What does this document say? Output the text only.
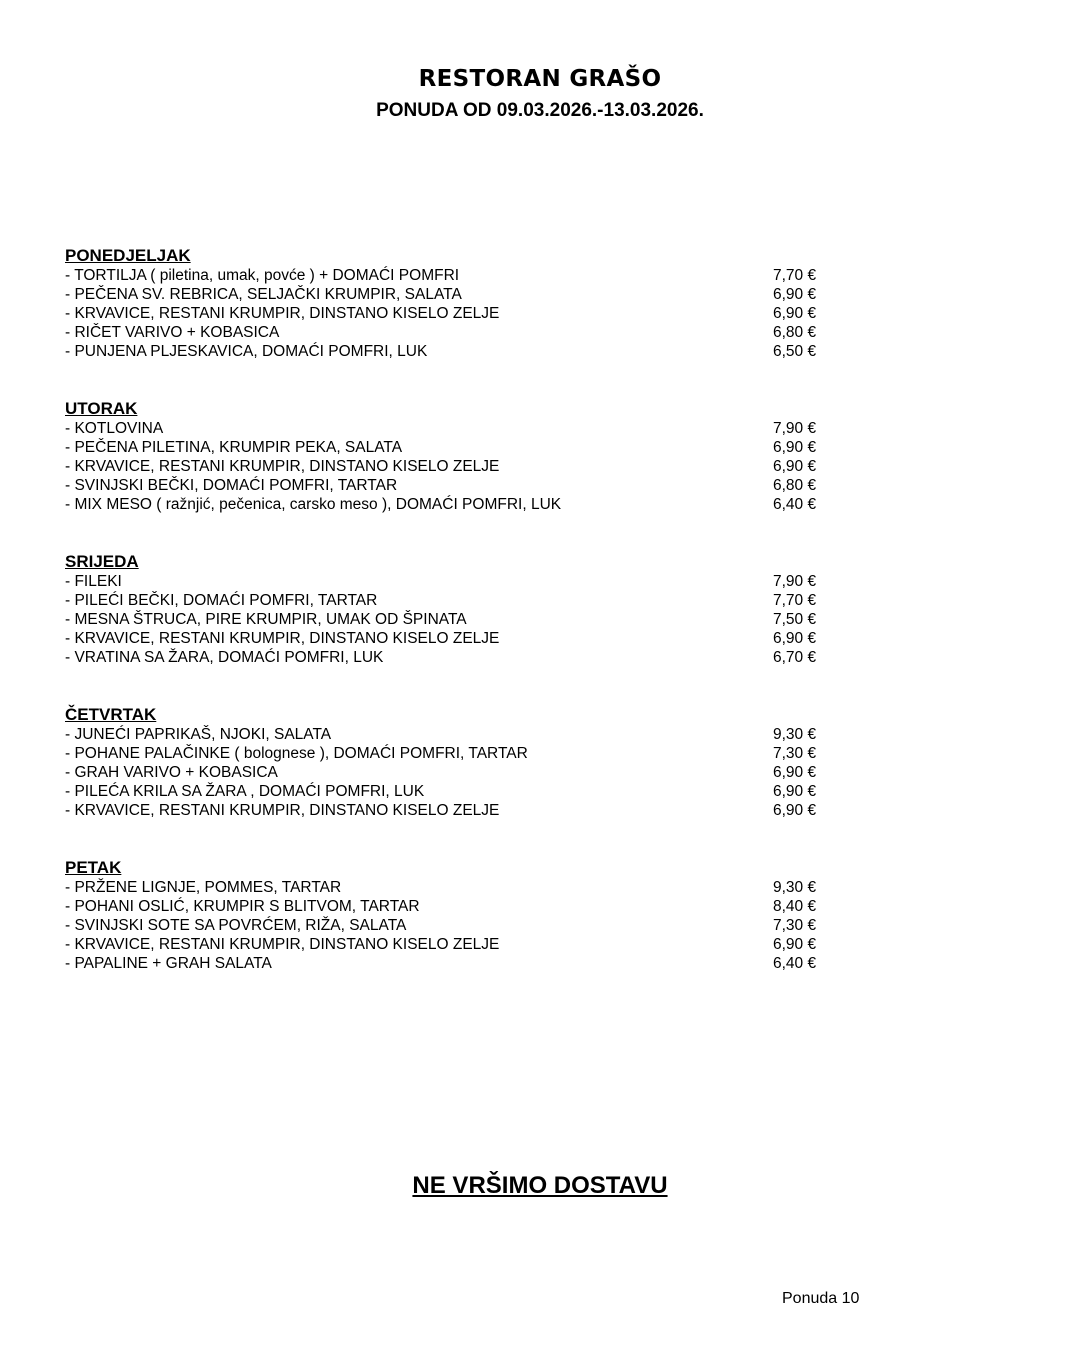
RESTORAN GRAŠO
PONUDA OD 09.03.2026.-13.03.2026.
PONEDJELJAK
- TORTILJA ( piletina, umak, povće ) + DOMAĆI POMFRI	7,70 €
- PEČENA SV. REBRICA, SELJAČKI KRUMPIR, SALATA	6,90 €
- KRVAVICE, RESTANI KRUMPIR, DINSTANO KISELO ZELJE	6,90 €
- RIČET VARIVO + KOBASICA	6,80 €
- PUNJENA PLJESKAVICA, DOMAĆI POMFRI, LUK	6,50 €
UTORAK
- KOTLOVINA	7,90 €
- PEČENA PILETINA, KRUMPIR PEKA, SALATA	6,90 €
- KRVAVICE, RESTANI KRUMPIR, DINSTANO KISELO ZELJE	6,90 €
- SVINJSKI BEČKI, DOMAĆI POMFRI, TARTAR	6,80 €
- MIX MESO ( ražnjić, pečenica, carsko meso ), DOMAĆI POMFRI, LUK	6,40 €
SRIJEDA
- FILEKI	7,90 €
- PILEĆI BEČKI, DOMAĆI POMFRI, TARTAR	7,70 €
- MESNA ŠTRUCA, PIRE KRUMPIR, UMAK OD ŠPINATA	7,50 €
- KRVAVICE, RESTANI KRUMPIR, DINSTANO KISELO ZELJE	6,90 €
- VRATINA SA ŽARA, DOMAĆI POMFRI, LUK	6,70 €
ČETVRTAK
- JUNEĆI PAPRIKAŠ, NJOKI, SALATA	9,30 €
- POHANE PALAČINKE ( bolognese ), DOMAĆI POMFRI, TARTAR	7,30 €
- GRAH VARIVO + KOBASICA	6,90 €
- PILEĆA KRILA SA ŽARA , DOMAĆI POMFRI, LUK	6,90 €
- KRVAVICE, RESTANI KRUMPIR, DINSTANO KISELO ZELJE	6,90 €
PETAK
- PRŽENE LIGNJE, POMMES, TARTAR	9,30 €
- POHANI OSLIĆ, KRUMPIR S BLITVOM, TARTAR	8,40 €
- SVINJSKI SOTE SA POVRĆEM, RIŽA, SALATA	7,30 €
- KRVAVICE, RESTANI KRUMPIR, DINSTANO KISELO ZELJE	6,90 €
- PAPALINE + GRAH SALATA	6,40 €
NE VRŠIMO DOSTAVU
Ponuda 10
